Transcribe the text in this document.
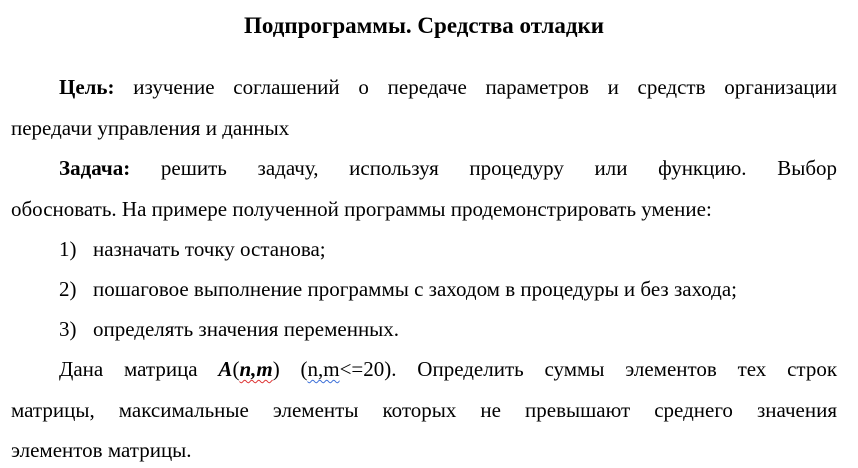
Подпрограммы. Средства отладки
Цель: изучение соглашений о передаче параметров и средств организации
передачи управления и данных
Задача: решить задачу, используя процедуру или функцию. Выбор
обосновать. На примере полученной программы продемонстрировать умение:
1) назначать точку останова;
2) пошаговое выполнение программы с заходом в процедуры и без захода;
3) определять значения переменных.
Дана матрица A(n,m) (n,m<=20). Определить суммы элементов тех строк
матрицы, максимальные элементы которых не превышают среднего значения
элементов матрицы.
